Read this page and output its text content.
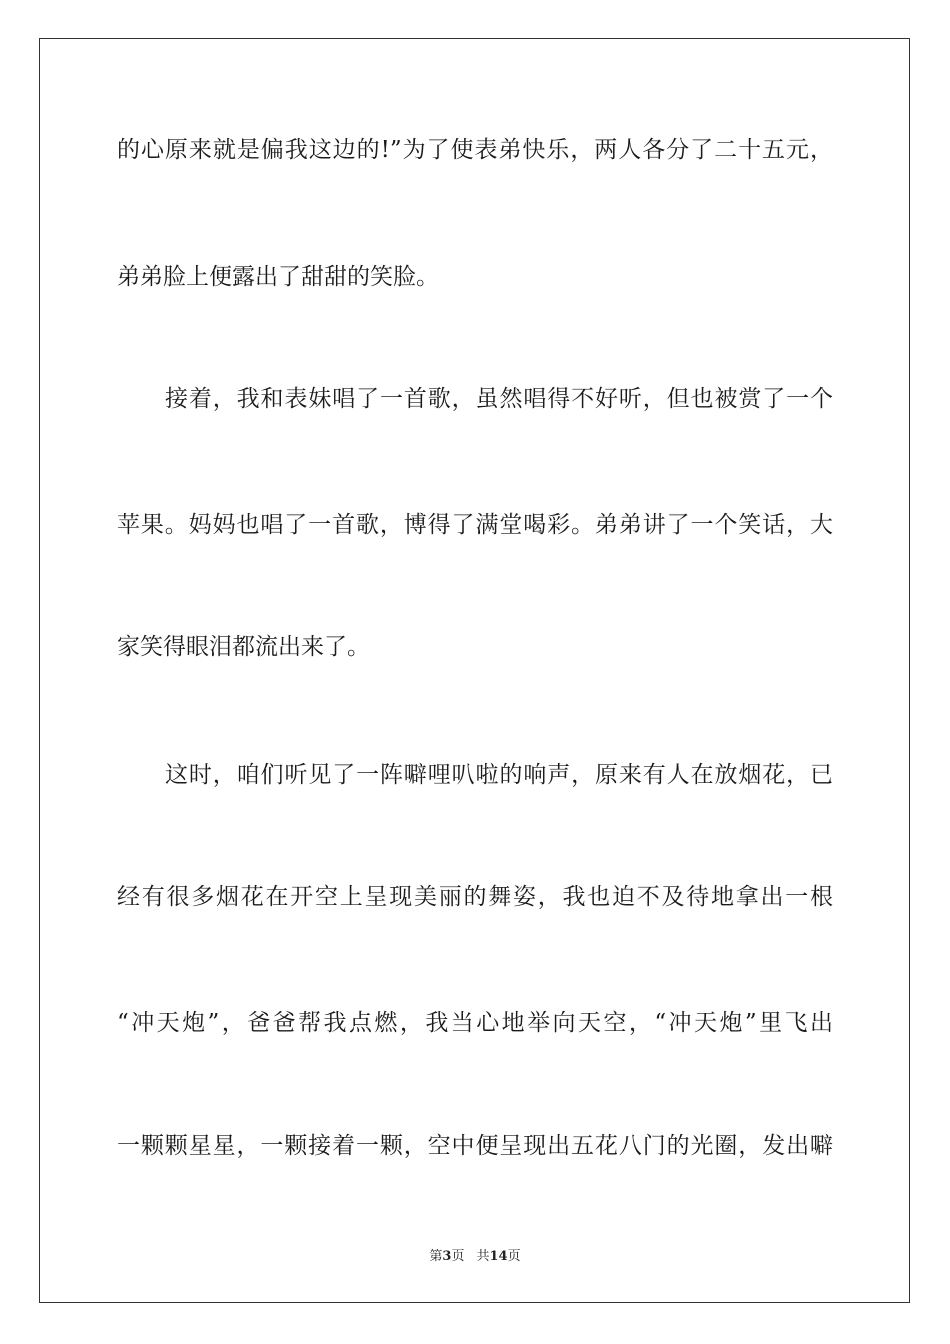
的心原来就是偏我这边的!”为了使表弟快乐，两人各分了二十五元，
弟弟脸上便露出了甜甜的笑脸。
接着，我和表妹唱了一首歌，虽然唱得不好听，但也被赏了一个
苹果。妈妈也唱了一首歌，博得了满堂喝彩。弟弟讲了一个笑话，大
家笑得眼泪都流出来了。
这时，咱们听见了一阵噼哩叭啦的响声，原来有人在放烟花，已
经有很多烟花在开空上呈现美丽的舞姿，我也迫不及待地拿出一根
“冲天炮”，爸爸帮我点燃，我当心地举向天空，“冲天炮”里飞出
一颗颗星星，一颗接着一颗，空中便呈现出五花八门的光圈，发出噼
第3页 共14页
